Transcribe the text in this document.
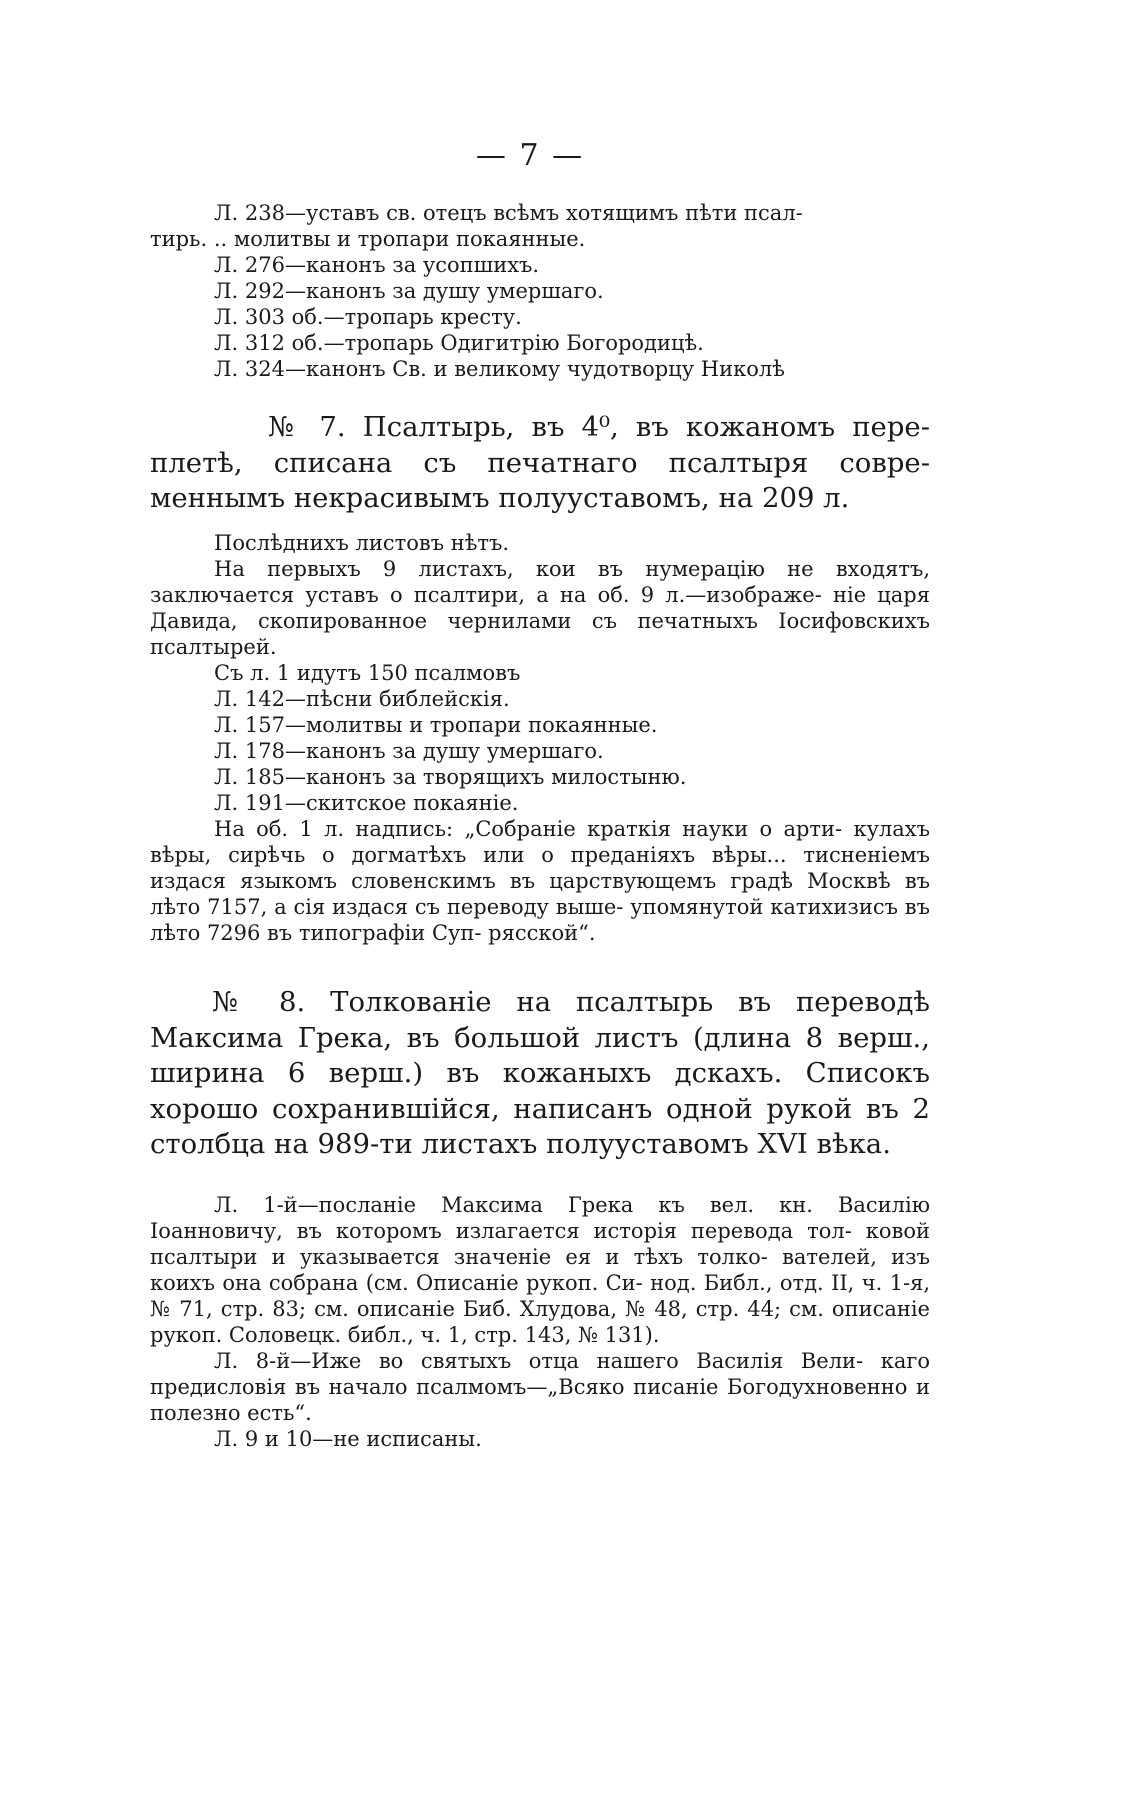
— 7 —
Л. 238—уставъ св. отецъ всѣмъ хотящимъ пѣти псал-
тирь. .. молитвы и тропари покаянные.
Л. 276—канонъ за усопшихъ.
Л. 292—канонъ за душу умершаго.
Л. 303 об.—тропарь кресту.
Л. 312 об.—тропарь Одигитрію Богородицѣ.
Л. 324—канонъ Св. и великому чудотворцу Николѣ

№ 7. Псалтырь, въ 4⁰, въ кожаномъ пере- плетѣ, списана съ печатнаго псалтыря совре- меннымъ некрасивымъ полууставомъ, на 209 л.

Послѣднихъ листовъ нѣтъ.

На первыхъ 9 листахъ, кои въ нумерацію не входятъ, заключается уставъ о псалтири, а на об. 9 л.—изображе- ніе царя Давида, скопированное чернилами съ печатныхъ Іосифовскихъ псалтырей.

Съ л. 1 идутъ 150 псалмовъ
Л. 142—пѣсни библейскія.
Л. 157—молитвы и тропари покаянные.
Л. 178—канонъ за душу умершаго.
Л. 185—канонъ за творящихъ милостыню.
Л. 191—скитское покаяніе.

На об. 1 л. надпись: „Собраніе краткія науки о арти- кулахъ вѣры, сирѣчь о догматѣхъ или о преданіяхъ вѣры... тисненіемъ издася языкомъ словенскимъ въ царствующемъ градѣ Москвѣ въ лѣто 7157, а сія издася съ переводу выше- упомянутой катихизисъ въ лѣто 7296 въ типографіи Суп- рясской“.

№ 8. Толкованіе на псалтырь въ переводѣ Максима Грека, въ большой листъ (длина 8 верш., ширина 6 верш.) въ кожаныхъ дскахъ. Списокъ хорошо сохранившійся, написанъ одной рукой въ 2 столбца на 989-ти листахъ полууставомъ XVI вѣка.

Л. 1-й—посланіе Максима Грека къ вел. кн. Василію Іоанновичу, въ которомъ излагается исторія перевода тол- ковой псалтыри и указывается значеніе ея и тѣхъ толко- вателей, изъ коихъ она собрана (см. Описаніе рукоп. Си- нод. Библ., отд. II, ч. 1-я, № 71, стр. 83; см. описаніе Биб. Хлудова, № 48, стр. 44; см. описаніе рукоп. Соловецк. библ., ч. 1, стр. 143, № 131).

Л. 8-й—Иже во святыхъ отца нашего Василія Вели- каго предисловія въ начало псалмомъ—„Всяко писаніе Богодухновенно и полезно есть“.

Л. 9 и 10—не исписаны.
